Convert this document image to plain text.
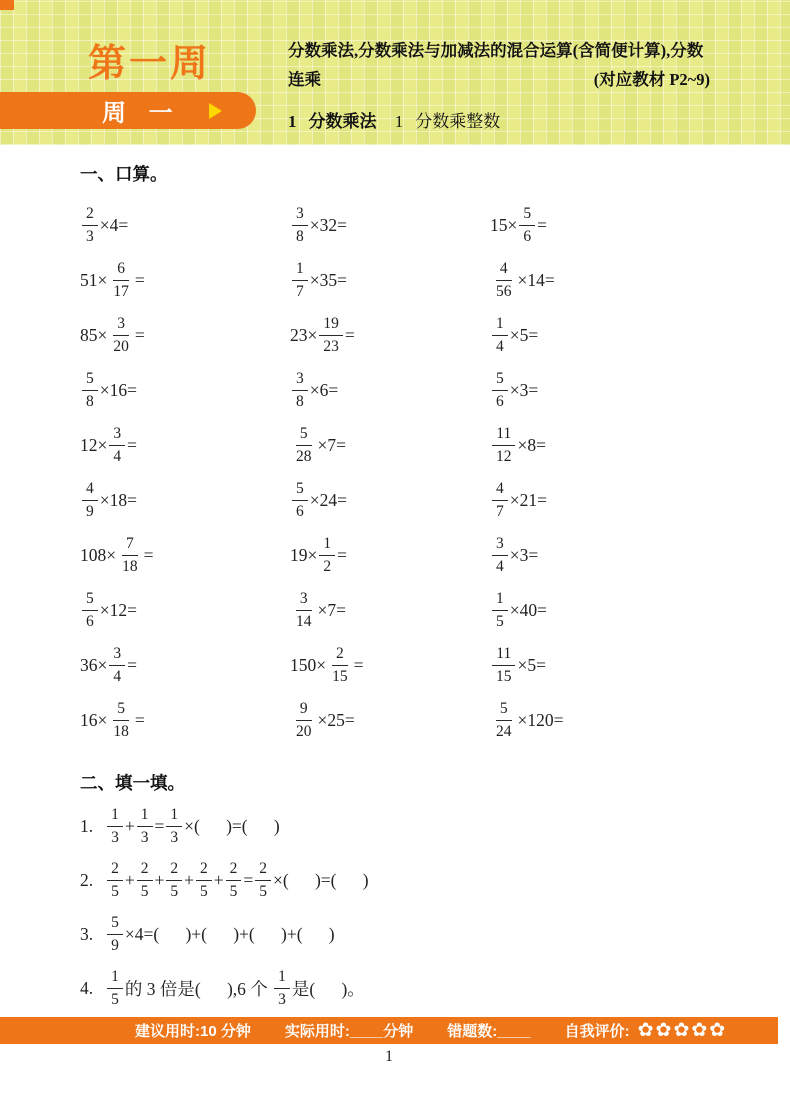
第一周
周 一
分数乘法,分数乘法与加减法的混合运算(含简便计算),分数
连乘	(对应教材 P2~9)
1 分数乘法 1 分数乘整数
一、口算。
$\frac{2}{3} \times 4=$	$\frac{3}{8} \times 32=$	$15\times \frac{5}{6}$ =
$51\times \frac{6}{17}$ =	$\frac{1}{7} \times 35=$	$\frac{4}{56} \times 14=$
$85\times \frac{3}{20}$ =	$23\times \frac{19}{23}$ =	$\frac{1}{4} \times 5=$
$\frac{5}{8} \times 16=$	$\frac{3}{8} \times 6=$	$\frac{5}{6} \times 3=$
$12\times \frac{3}{4}$ =	$\frac{5}{28} \times 7=$	$\frac{11}{12} \times 8=$
$\frac{4}{9} \times 18=$	$\frac{5}{6} \times 24=$	$\frac{4}{7} \times 21=$
$108\times \frac{7}{18}$ =	$19\times \frac{1}{2}$ =	$\frac{3}{4} \times 3=$
$\frac{5}{6} \times 12=$	$\frac{3}{14} \times 7=$	$\frac{1}{5} \times 40=$
$36\times \frac{3}{4}$ =	$150\times \frac{2}{15}$ =	$\frac{11}{15} \times 5=$
$16\times \frac{5}{18}$ =	$\frac{9}{20} \times 25=$	$\frac{5}{24} \times 120=$
二、填一填。
1. $\frac{1}{3} + \frac{1}{3} = \frac{1}{3}$ ×(      )=(      )
2. $\frac{2}{5} + \frac{2}{5} + \frac{2}{5} + \frac{2}{5} + \frac{2}{5} = \frac{2}{5}$ ×(      )=(      )
3. $\frac{5}{9} \times 4=$(      )+(      )+(      )+(      )
4. $\frac{1}{5}$ 的 3 倍是(      ),6 个 $\frac{1}{3}$ 是(      )。
建议用时:10 分钟 实际用时:____分钟 错题数:____ 自我评价: ✿✿✿✿✿
1
